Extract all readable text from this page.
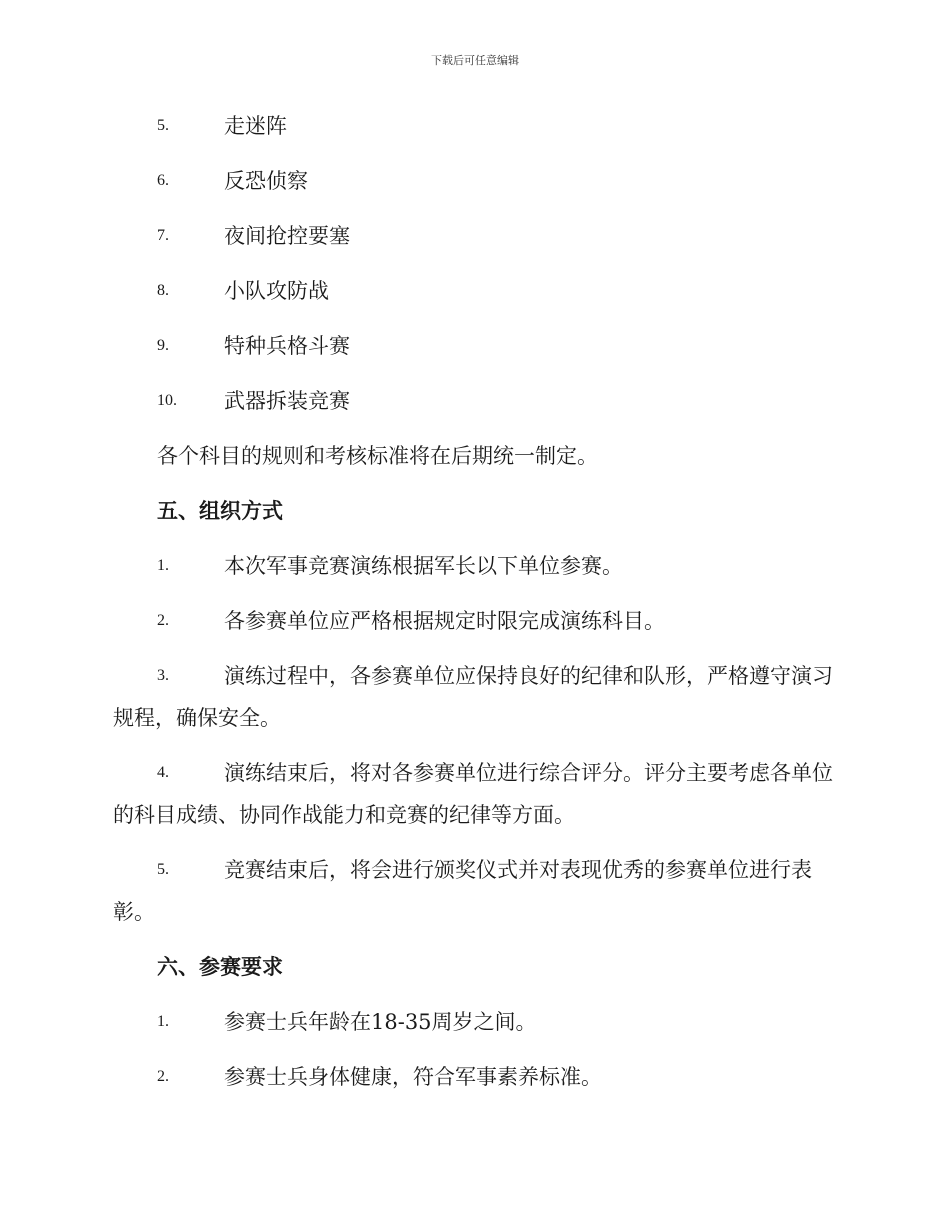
下载后可任意编辑
5.	走迷阵
6.	反恐侦察
7.	夜间抢控要塞
8.	小队攻防战
9.	特种兵格斗赛
10. 武器拆装竞赛
各个科目的规则和考核标准将在后期统一制定。
五、组织方式
1.	本次军事竞赛演练根据军长以下单位参赛。
2.	各参赛单位应严格根据规定时限完成演练科目。
3.	演练过程中，各参赛单位应保持良好的纪律和队形，严格遵守演习规程，确保安全。
4.	演练结束后，将对各参赛单位进行综合评分。评分主要考虑各单位的科目成绩、协同作战能力和竞赛的纪律等方面。
5.	竞赛结束后，将会进行颁奖仪式并对表现优秀的参赛单位进行表彰。
六、参赛要求
1.	参赛士兵年龄在18-35周岁之间。
2.	参赛士兵身体健康，符合军事素养标准。
